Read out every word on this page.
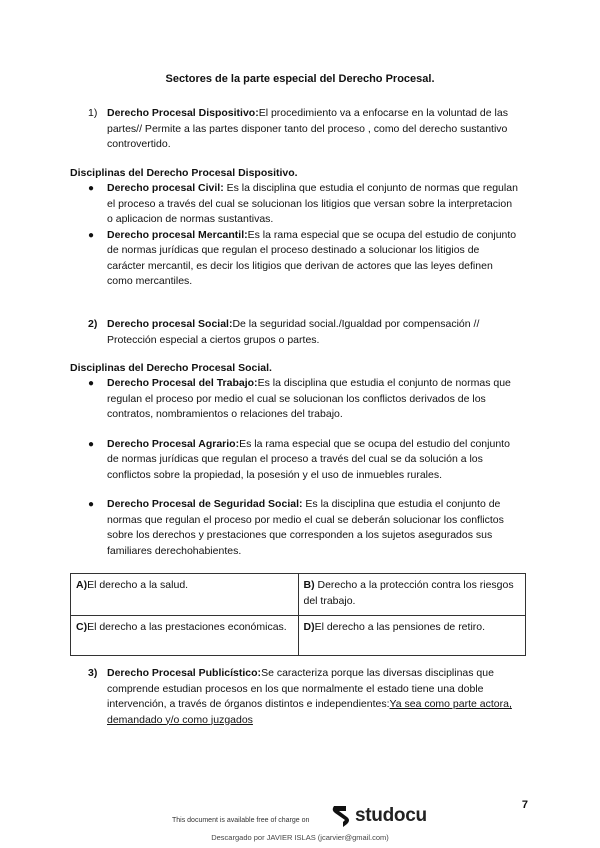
Sectores de la parte especial del Derecho Procesal.
1) Derecho Procesal Dispositivo:El procedimiento va a enfocarse en la voluntad de las partes// Permite a las partes disponer tanto del proceso , como del derecho sustantivo controvertido.
Disciplinas del Derecho Procesal Dispositivo.
●	Derecho procesal Civil: Es la disciplina que estudia el conjunto de normas que regulan el proceso a través del cual se solucionan los litigios que versan sobre la interpretacion o aplicacion de normas sustantivas.
●	Derecho procesal Mercantil:Es la rama especial que se ocupa del estudio de conjunto de normas jurídicas que regulan el proceso destinado a solucionar los litigios de carácter mercantil, es decir los litigios que derivan de actores que las leyes definen como mercantiles.
2) Derecho procesal Social:De la seguridad social./Igualdad por compensación // Protección especial a ciertos grupos o partes.
Disciplinas del Derecho Procesal Social.
●	Derecho Procesal del Trabajo:Es la disciplina que estudia el conjunto de normas que regulan el proceso por medio el cual se solucionan los conflictos derivados de los contratos, nombramientos o relaciones del trabajo.
●	Derecho Procesal Agrario:Es la rama especial que se ocupa del estudio del conjunto de normas jurídicas que regulan el proceso a través del cual se da solución a los conflictos sobre la propiedad, la posesión y el uso de inmuebles rurales.
●	Derecho Procesal de Seguridad Social: Es la disciplina que estudia el conjunto de normas que regulan el proceso por medio el cual se deberán solucionar los conflictos sobre los derechos y prestaciones que corresponden a los sujetos asegurados sus familiares derechohabientes.
A)El derecho a la salud.	B) Derecho a la protección contra los riesgos del trabajo.
C)El derecho a las prestaciones económicas.	D)El derecho a las pensiones de retiro.
3) Derecho Procesal Publicístico:Se caracteriza porque las diversas disciplinas que comprende estudian procesos en los que normalmente el estado tiene una doble intervención, a través de órganos distintos e independientes:Ya sea como parte actora, demandado y/o como juzgados
7
This document is available free of charge on studocu
Descargado por JAVIER ISLAS (jcarvier@gmail.com)
